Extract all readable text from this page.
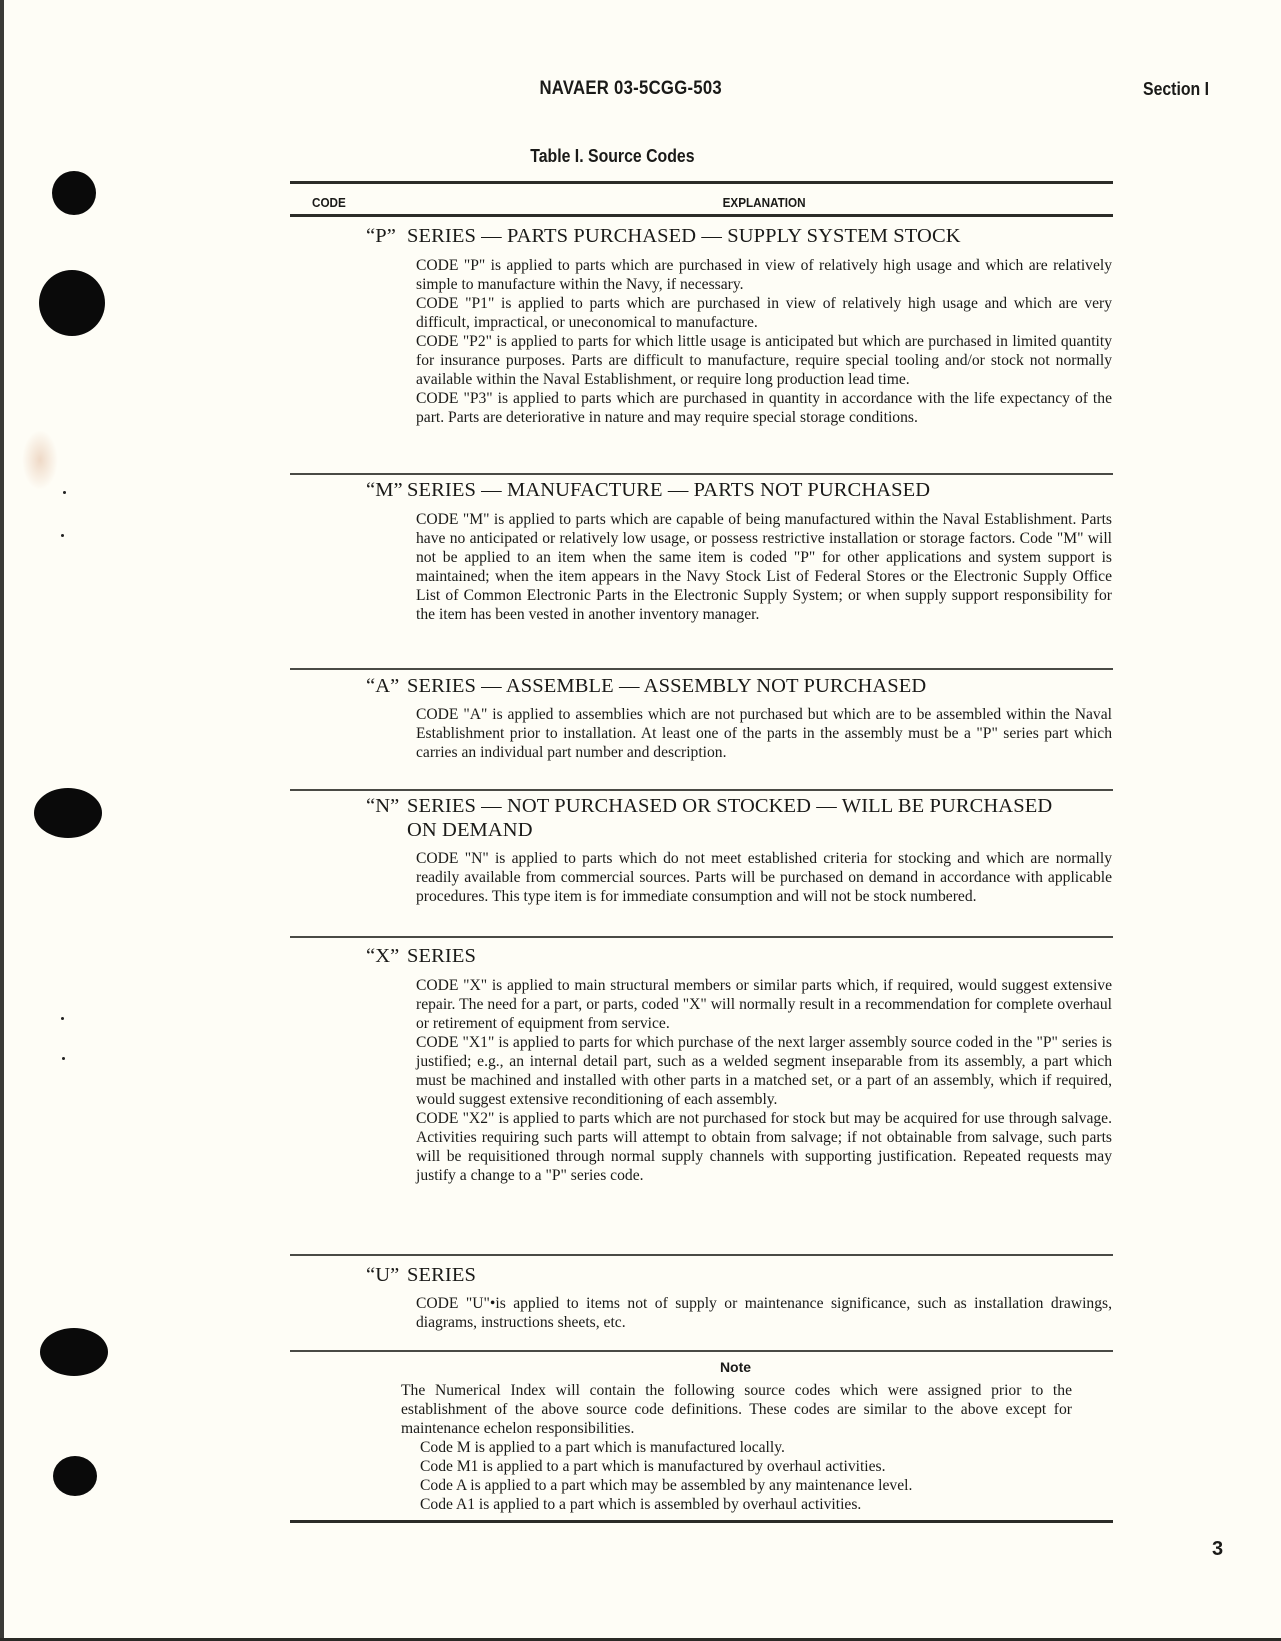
NAVAER 03-5CGG-503	Section I
Table I. Source Codes
CODE	EXPLANATION
“P” SERIES — PARTS PURCHASED — SUPPLY SYSTEM STOCK

CODE "P" is applied to parts which are purchased in view of relatively high usage and which are relatively simple to manufacture within the Navy, if necessary.

CODE "P1" is applied to parts which are purchased in view of relatively high usage and which are very difficult, impractical, or uneconomical to manufacture.

CODE "P2" is applied to parts for which little usage is anticipated but which are purchased in limited quantity for insurance purposes. Parts are difficult to manufacture, require special tooling and/or stock not normally available within the Naval Establishment, or require long production lead time.

CODE "P3" is applied to parts which are purchased in quantity in accordance with the life expectancy of the part. Parts are deteriorative in nature and may require special storage conditions.

“M” SERIES — MANUFACTURE — PARTS NOT PURCHASED

CODE "M" is applied to parts which are capable of being manufactured within the Naval Establishment. Parts have no anticipated or relatively low usage, or possess restrictive installation or storage factors. Code "M" will not be applied to an item when the same item is coded "P" for other applications and system support is maintained; when the item appears in the Navy Stock List of Federal Stores or the Electronic Supply Office List of Common Electronic Parts in the Electronic Supply System; or when supply support responsibility for the item has been vested in another inventory manager.

“A” SERIES — ASSEMBLE — ASSEMBLY NOT PURCHASED

CODE "A" is applied to assemblies which are not purchased but which are to be assembled within the Naval Establishment prior to installation. At least one of the parts in the assembly must be a "P" series part which carries an individual part number and description.

“N” SERIES — NOT PURCHASED OR STOCKED — WILL BE PURCHASED
ON DEMAND

CODE "N" is applied to parts which do not meet established criteria for stocking and which are normally readily available from commercial sources. Parts will be purchased on demand in accordance with applicable procedures. This type item is for immediate consumption and will not be stock numbered.

“X” SERIES

CODE "X" is applied to main structural members or similar parts which, if required, would suggest extensive repair. The need for a part, or parts, coded "X" will normally result in a recommendation for complete overhaul or retirement of equipment from service.

CODE "X1" is applied to parts for which purchase of the next larger assembly source coded in the "P" series is justified; e.g., an internal detail part, such as a welded segment inseparable from its assembly, a part which must be machined and installed with other parts in a matched set, or a part of an assembly, which if required, would suggest extensive reconditioning of each assembly.

CODE "X2" is applied to parts which are not purchased for stock but may be acquired for use through salvage. Activities requiring such parts will attempt to obtain from salvage; if not obtainable from salvage, such parts will be requisitioned through normal supply channels with supporting justification. Repeated requests may justify a change to a "P" series code.

“U” SERIES

CODE "U"•is applied to items not of supply or maintenance significance, such as installation drawings, diagrams, instructions sheets, etc.

Note

The Numerical Index will contain the following source codes which were assigned prior to the establishment of the above source code definitions. These codes are similar to the above except for maintenance echelon responsibilities.

Code M is applied to a part which is manufactured locally.
Code M1 is applied to a part which is manufactured by overhaul activities.
Code A is applied to a part which may be assembled by any maintenance level.
Code A1 is applied to a part which is assembled by overhaul activities.
3
